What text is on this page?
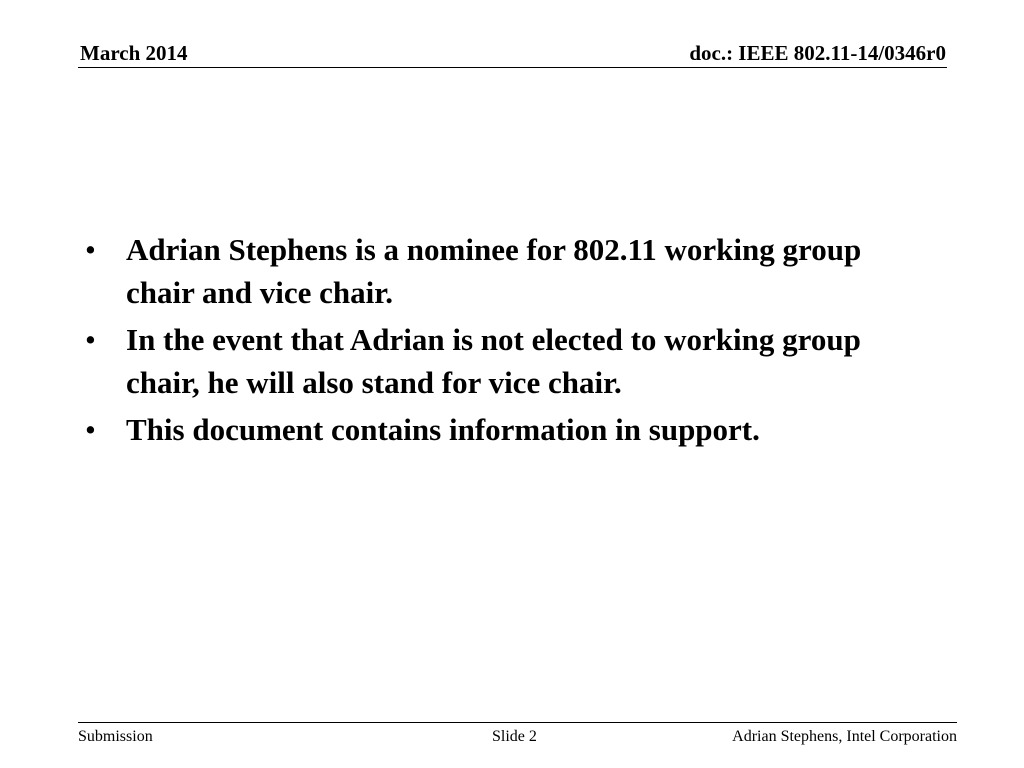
March 2014	doc.: IEEE 802.11-14/0346r0
• Adrian Stephens is a nominee for 802.11 working group chair and vice chair.
• In the event that Adrian is not elected to working group chair, he will also stand for vice chair.
• This document contains information in support.
Submission	Slide 2	Adrian Stephens, Intel Corporation
